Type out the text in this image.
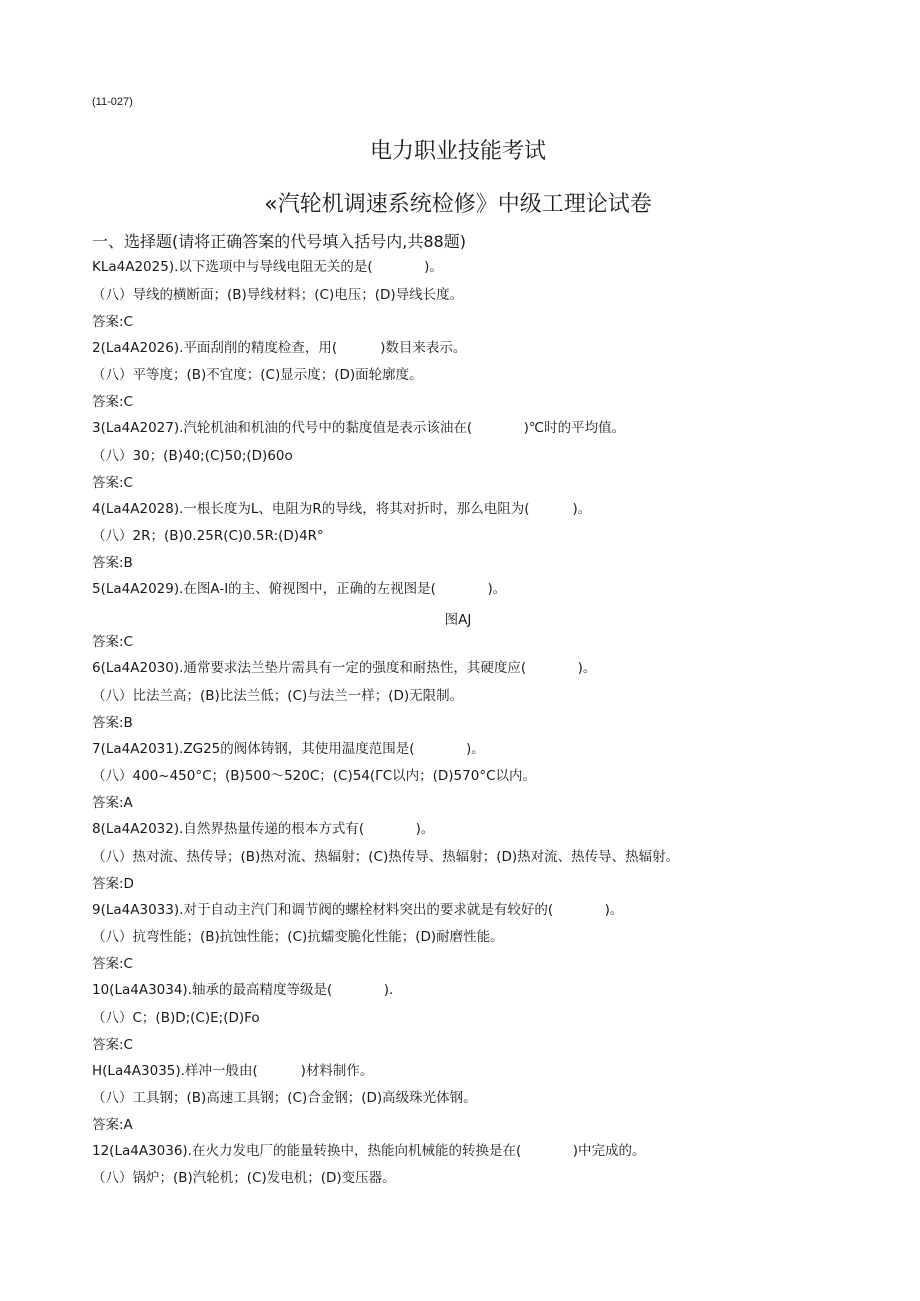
(11-027)
电力职业技能考试
«汽轮机调速系统检修》中级工理论试卷
一、选择题(请将正确答案的代号填入括号内,共88题)
KLa4A2025).以下选项中与导线电阻无关的是(            )。
（八）导线的横断面；(B)导线材料；(C)电压；(D)导线长度。
答案:C
2(La4A2026).平面刮削的精度检查，用(          )数目来表示。
（八）平等度；(B)不宜度；(C)显示度；(D)面轮廓度。
答案:C
3(La4A2027).汽轮机油和机油的代号中的黏度值是表示该油在(            )℃时的平均值。
（八）30；(B)40;(C)50;(D)60o
答案:C
4(La4A2028).一根长度为L、电阻为R的导线，将其对折时，那么电阻为(          )。
（八）2R；(B)0.25R(C)0.5R:(D)4R°
答案:B
5(La4A2029).在图A-I的主、俯视图中，正确的左视图是(            )。
图AJ
答案:C
6(La4A2030).通常要求法兰垫片需具有一定的强度和耐热性，其硬度应(            )。
（八）比法兰高；(B)比法兰低；(C)与法兰一样；(D)无限制。
答案:B
7(La4A2031).ZG25的阀体铸钢，其使用温度范围是(            )。
（八）400~450°C；(B)500〜520C；(C)54(ΓC以内；(D)570°C以内。
答案:A
8(La4A2032).自然界热量传递的根本方式有(            )。
（八）热对流、热传导；(B)热对流、热辐射；(C)热传导、热辐射；(D)热对流、热传导、热辐射。
答案:D
9(La4A3033).对于自动主汽门和调节阀的螺栓材料突出的要求就是有较好的(            )。
（八）抗弯性能；(B)抗蚀性能；(C)抗蠕变脆化性能；(D)耐磨性能。
答案:C
10(La4A3034).轴承的最高精度等级是(            ).
（八）C；(B)D;(C)E;(D)Fo
答案:C
H(La4A3035).样冲一般由(          )材料制作。
（八）工具钢；(B)高速工具钢；(C)合金钢；(D)高级珠光体钢。
答案:A
12(La4A3036).在火力发电厂的能量转换中，热能向机械能的转换是在(            )中完成的。
（八）锅炉；(B)汽轮机；(C)发电机；(D)变压器。
